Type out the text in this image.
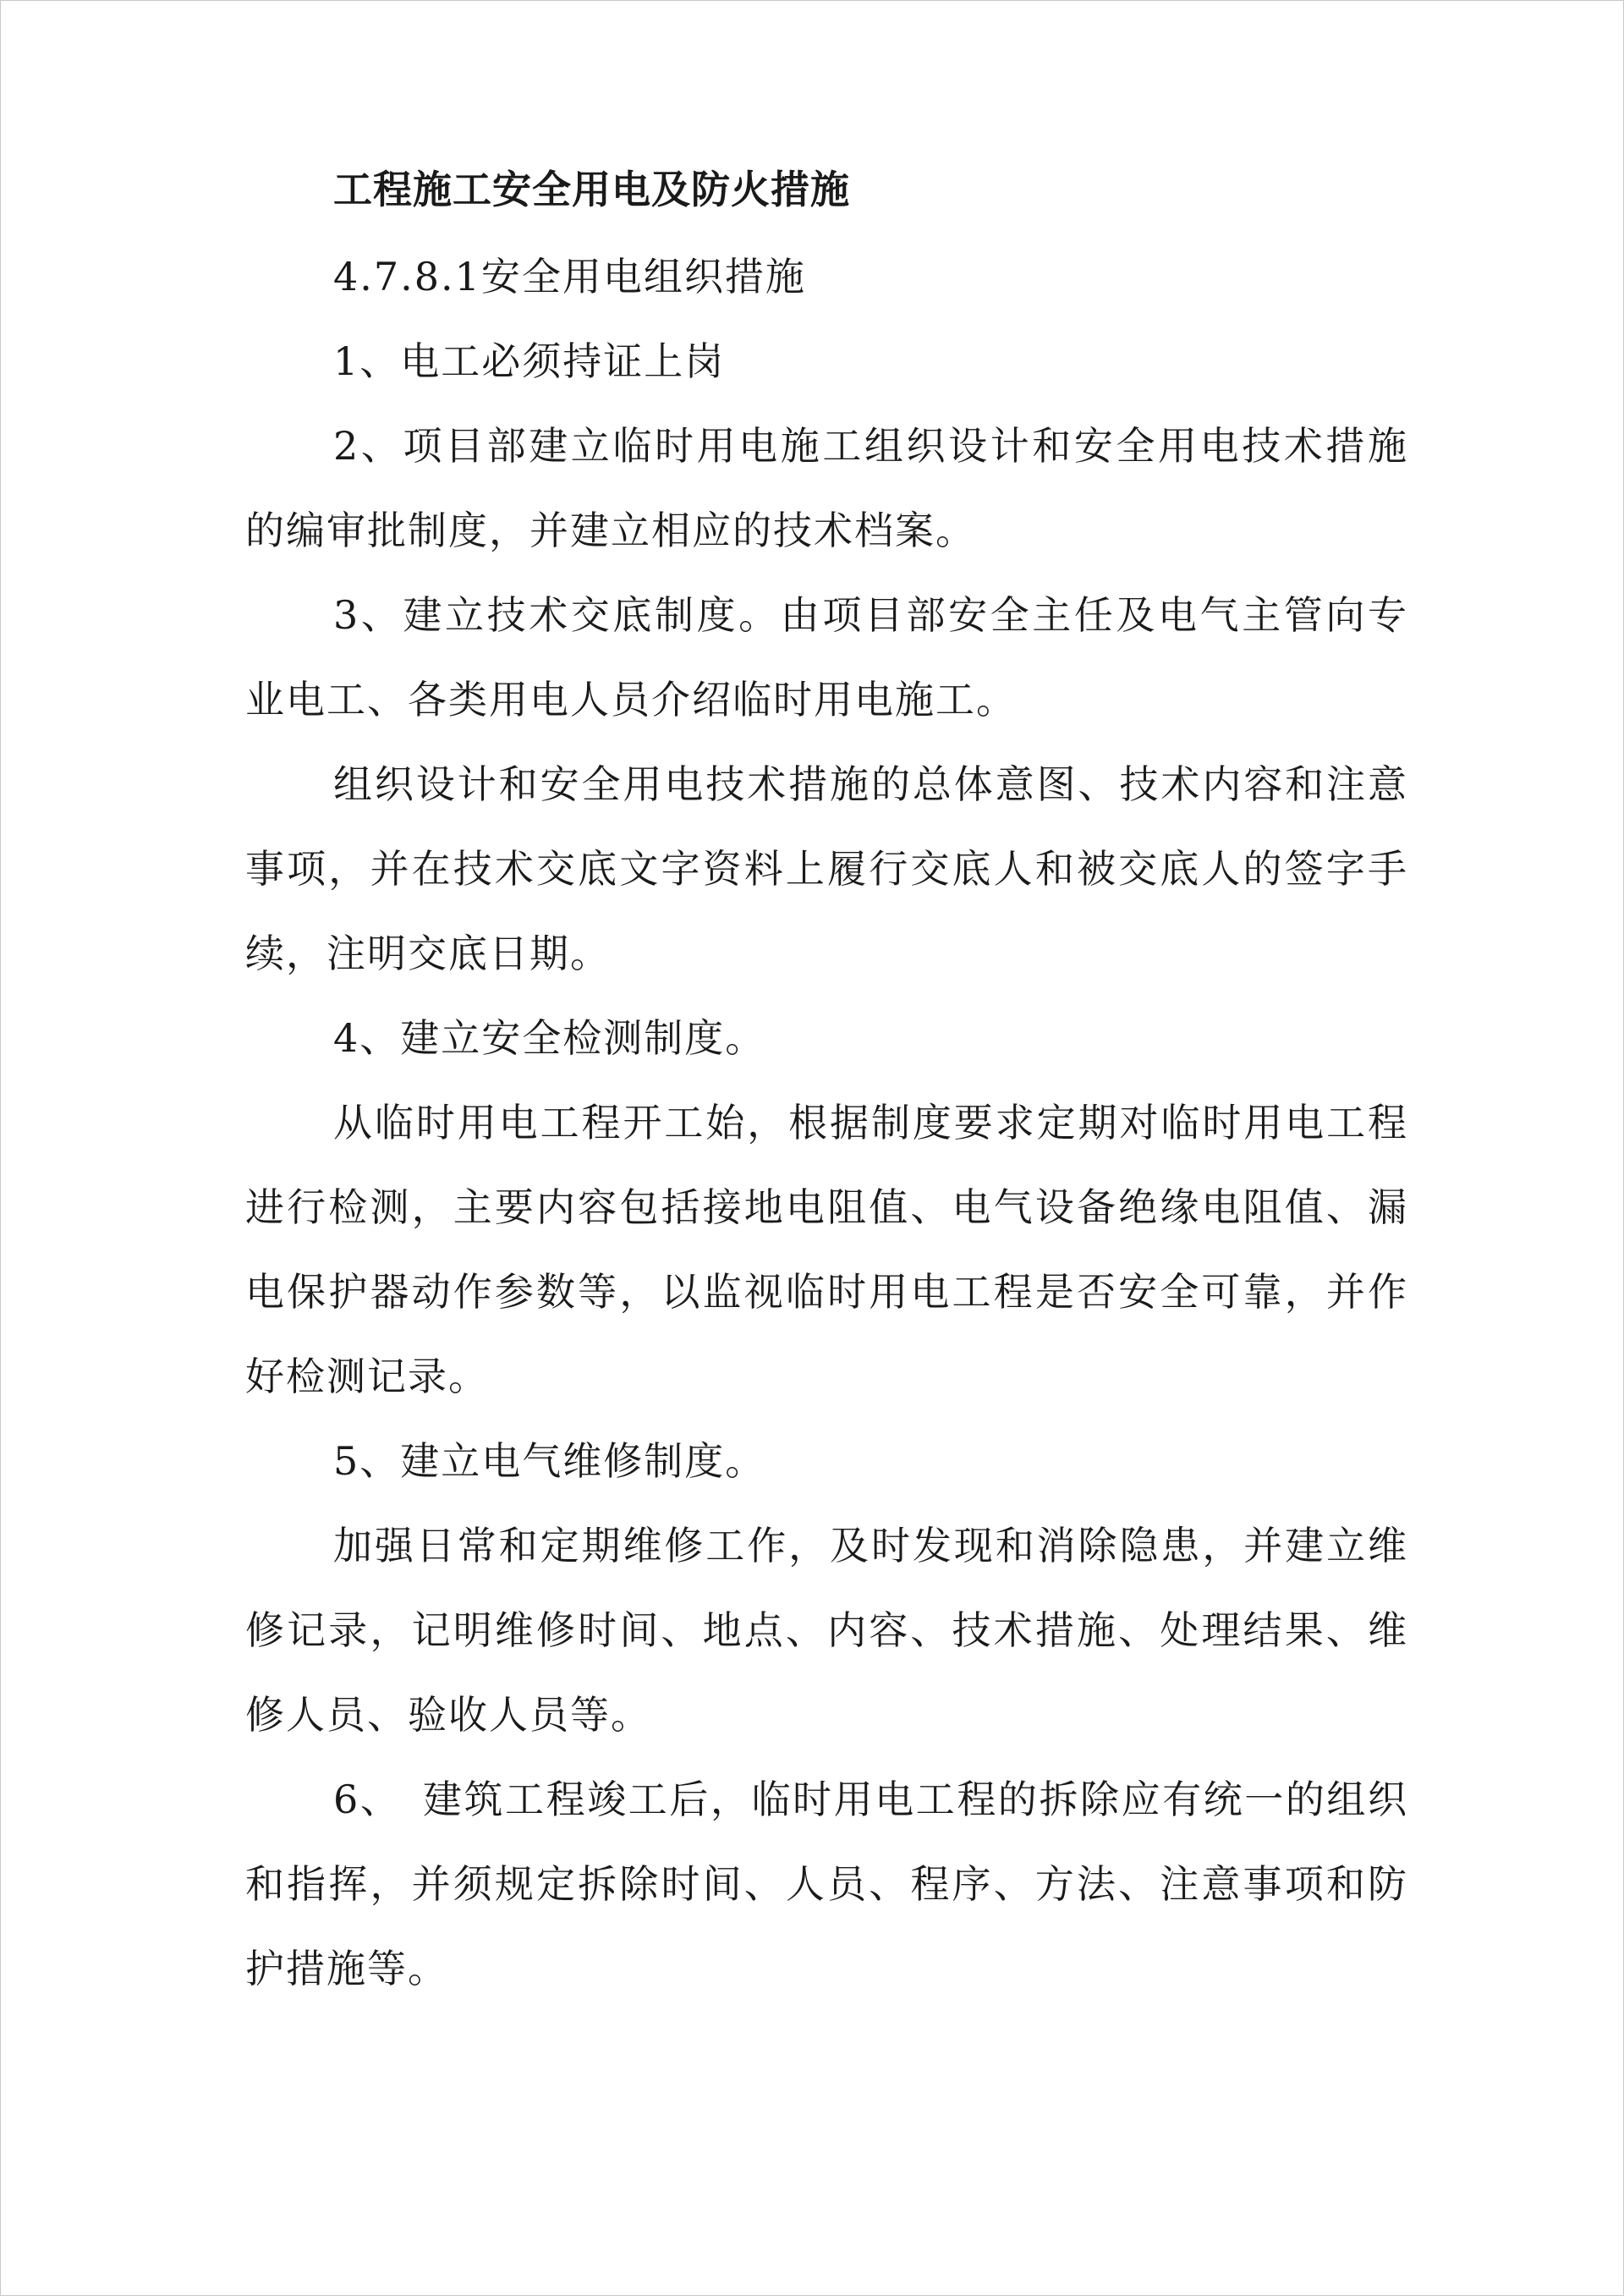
工程施工安全用电及防火措施

4.7.8.1安全用电组织措施

1、电工必须持证上岗

2、项目部建立临时用电施工组织设计和安全用电技术措施的编审批制度，并建立相应的技术档案。

3、建立技术交底制度。由项目部安全主任及电气主管向专业电工、各类用电人员介绍临时用电施工。

组织设计和安全用电技术措施的总体意图、技术内容和注意事项，并在技术交底文字资料上履行交底人和被交底人的签字手续，注明交底日期。

4、建立安全检测制度。

从临时用电工程开工始，根据制度要求定期对临时用电工程进行检测，主要内容包括接地电阻值、电气设备绝缘电阻值、漏电保护器动作参数等，以监视临时用电工程是否安全可靠，并作好检测记录。

5、建立电气维修制度。

加强日常和定期维修工作，及时发现和消除隐患，并建立维修记录，记明维修时间、地点、内容、技术措施、处理结果、维修人员、验收人员等。

6、　建筑工程竣工后，临时用电工程的拆除应有统一的组织和指挥，并须规定拆除时间、人员、程序、方法、注意事项和防护措施等。
